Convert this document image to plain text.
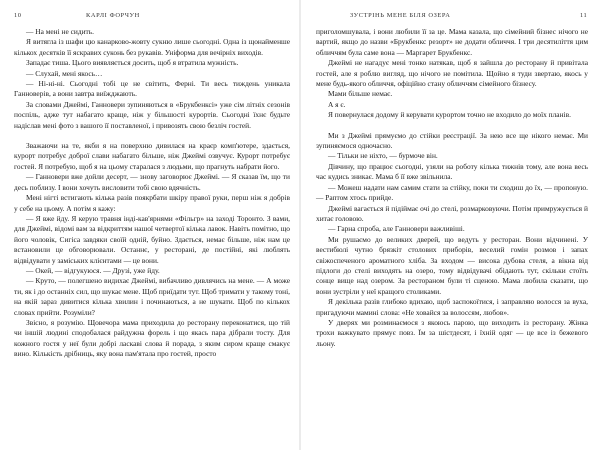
10	КАРЛІ ФОРЧУН

— На мені не сидить.

Я витягла із шафи цю канарково-жовту сукню лише сьогодні. Одна із щонайменше кількох десятків її яскравих суконь без рукавів. Уніформа для вечірніх виходів.

Западає тиша. Цього виявляється досить, щоб я втратила мужність.

— Слухай, мені якось…

— Ні-ні-ні. Сьогодні тобі це не світить, Ферні. Ти весь тиждень уникала Ганноверів, а вони завтра виїжджають.

За словами Джеймі, Ганновери зупиняються в «Брукбенксі» уже сім літніх сезонів поспіль, адже тут набагато краще, ніж у більшості курортів. Сьогодні їхнє будьте надіслав мені фото з вашого її поставленої, і привозять свою безліч гостей.

Зважаючи на те, якби я на поверхню дивилася на краєр комп'ютере, здається, курорт потребує доброї слави набагато більше, ніж Джеймі озвучує. Курорт потребує гостей. Я потребую, щоб я на цьому старалася з людьми, що прагнуть набрати його.

— Ганновери вже дойли десерт, — знову заговорює Джеймі. — Я сказав їм, що ти десь поблизу. І вони хочуть висловити тобі свою вдячність.

Мені нігті встигають кілька разів поякрбати шкіру правої руки, перш ніж я добрів у себе на цьому. А потім я кажу:

— Я вже йду. Я керую травня інді-кав'ярнями «Фільгр» на заході Торонто. З вами, для Джеймі, відомі вам за відкриттям нашої четвертої кілька лавок. Навіть помітно, що його чоловік, Сигіса завдяки своїй одній, буйно. Здається, немає більше, ніж нам це встановили це обговорювали. Останнє, у ресторані, де постійні, які люблять відвідувати у заміських клієнтами — це вони.

— Окей, — відгукуюся. — Друзі, уже йду.

— Круто, — полегшено видихає Джеймі, вибачливо дивлячись на мене. — А може ти, як і до останніх сил, що шукає мене. Щоб приїдати тут. Щоб тримати у такому тоні, на якій зараз дивитися кілька хвилин і починаються, а не шукати. Щоб по кількох словах прийти. Розуміли?

Звісно, я розумію. Щовечора мама приходила до ресторану переконатися, що тій чи іншій людині сподобалася райдужна форель і що якась пара дібрали тосту. Для кожного гостя у неї були добрі ласкаві слова й порада, з яким сиром краще смакує вино. Кількість дрібниць, яку вона пам'ятала про гостей, просто

ЗУСТРІНЬ МЕНЕ БІЛЯ ОЗЕРА	11

приголомшувала, і вони любили її за це. Мама казала, що сімейний бізнес нічого не вартий, якщо до назви «Брукбенкс резорт» не додати обличчя. І три десятиліття цим обличчям була саме вона — Маргарет Брукбенкс.

Джеймі не нагадує мені тонко натякав, щоб я зайшла до ресторану й привітала гостей, але я роблю вигляд, що нічого не помітила. Щойно я туди звертаю, якось у мене будь-якого обличчя, офіційно стану обличчям сімейного бізнесу.

Мами більше немає.

А я є.

Я повернулася додому й керувати курортом точно не входило до моїх планів.

Ми з Джеймі прямуємо до стійки реєстрації. За нею все ще нікого немає. Ми зупиняємося одночасно.

— Тільки не ніхто, — бурмоче він.

Дівчину, що працює сьогодні, узяли на роботу кілька тижнів тому, але вона весь час кудись зникає. Мама б її вже звільнила.

— Можеш надати нам самим стати за стійку, поки ти сходиш до їх, — пропоную. — Раптом хтось прийде.

Джеймі вагається й підіймає очі до стелі, розмарковуючи. Потім примружується й хитає головою.

— Гарна спроба, але Ганновери важливіші.

Ми рушаємо до великих дверей, що ведуть у ресторан. Вони відчинені. У вестибюлі чутно брязкіт столових приборів, веселий гомін розмов і запах свіжоспеченого ароматного хліба. За входом — висока дубова стеля, а вікна від підлоги до стелі виходять на озеро, тому відвідувачі обідають тут, скільки стоїть сонце вище над озером. За рестораном були ті сценою. Мама любила сказати, що вони зустріли у неї кращого столиками.

Я декілька разів глибоко вдихаю, щоб заспокоїтися, і заправляю волосся за вуха, пригадуючи мамині слова: «Не ховайся за волоссям, любов».

У дверях ми розминаємося з якоюсь парою, що виходить із ресторану. Жінка трохи важкувато прямує повз. Їм за шістдесят, і їхній одяг — це все із бежевого льону.
